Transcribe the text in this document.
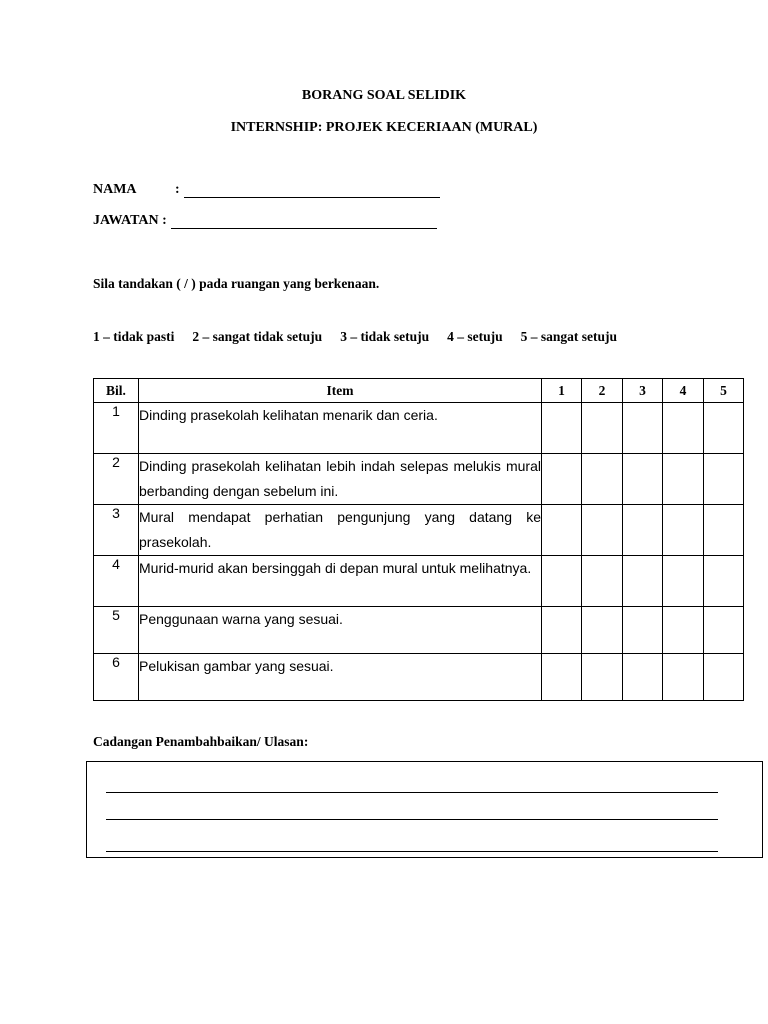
BORANG SOAL SELIDIK
INTERNSHIP: PROJEK KECERIAAN (MURAL)
NAMA	:
JAWATAN :
Sila tandakan ( / ) pada ruangan yang berkenaan.
1 – tidak pasti 2 – sangat tidak setuju 3 – tidak setuju 4 – setuju 5 – sangat setuju
Bil.	Item	1	2	3	4	5
1	Dinding prasekolah kelihatan menarik dan ceria.					
2	Dinding prasekolah kelihatan lebih indah selepas melukis mural berbanding dengan sebelum ini.					
3	Mural mendapat perhatian pengunjung yang datang ke prasekolah.					
4	Murid-murid akan bersinggah di depan mural untuk melihatnya.					
5	Penggunaan warna yang sesuai.					
6	Pelukisan gambar yang sesuai.					
Cadangan Penambahbaikan/ Ulasan:
